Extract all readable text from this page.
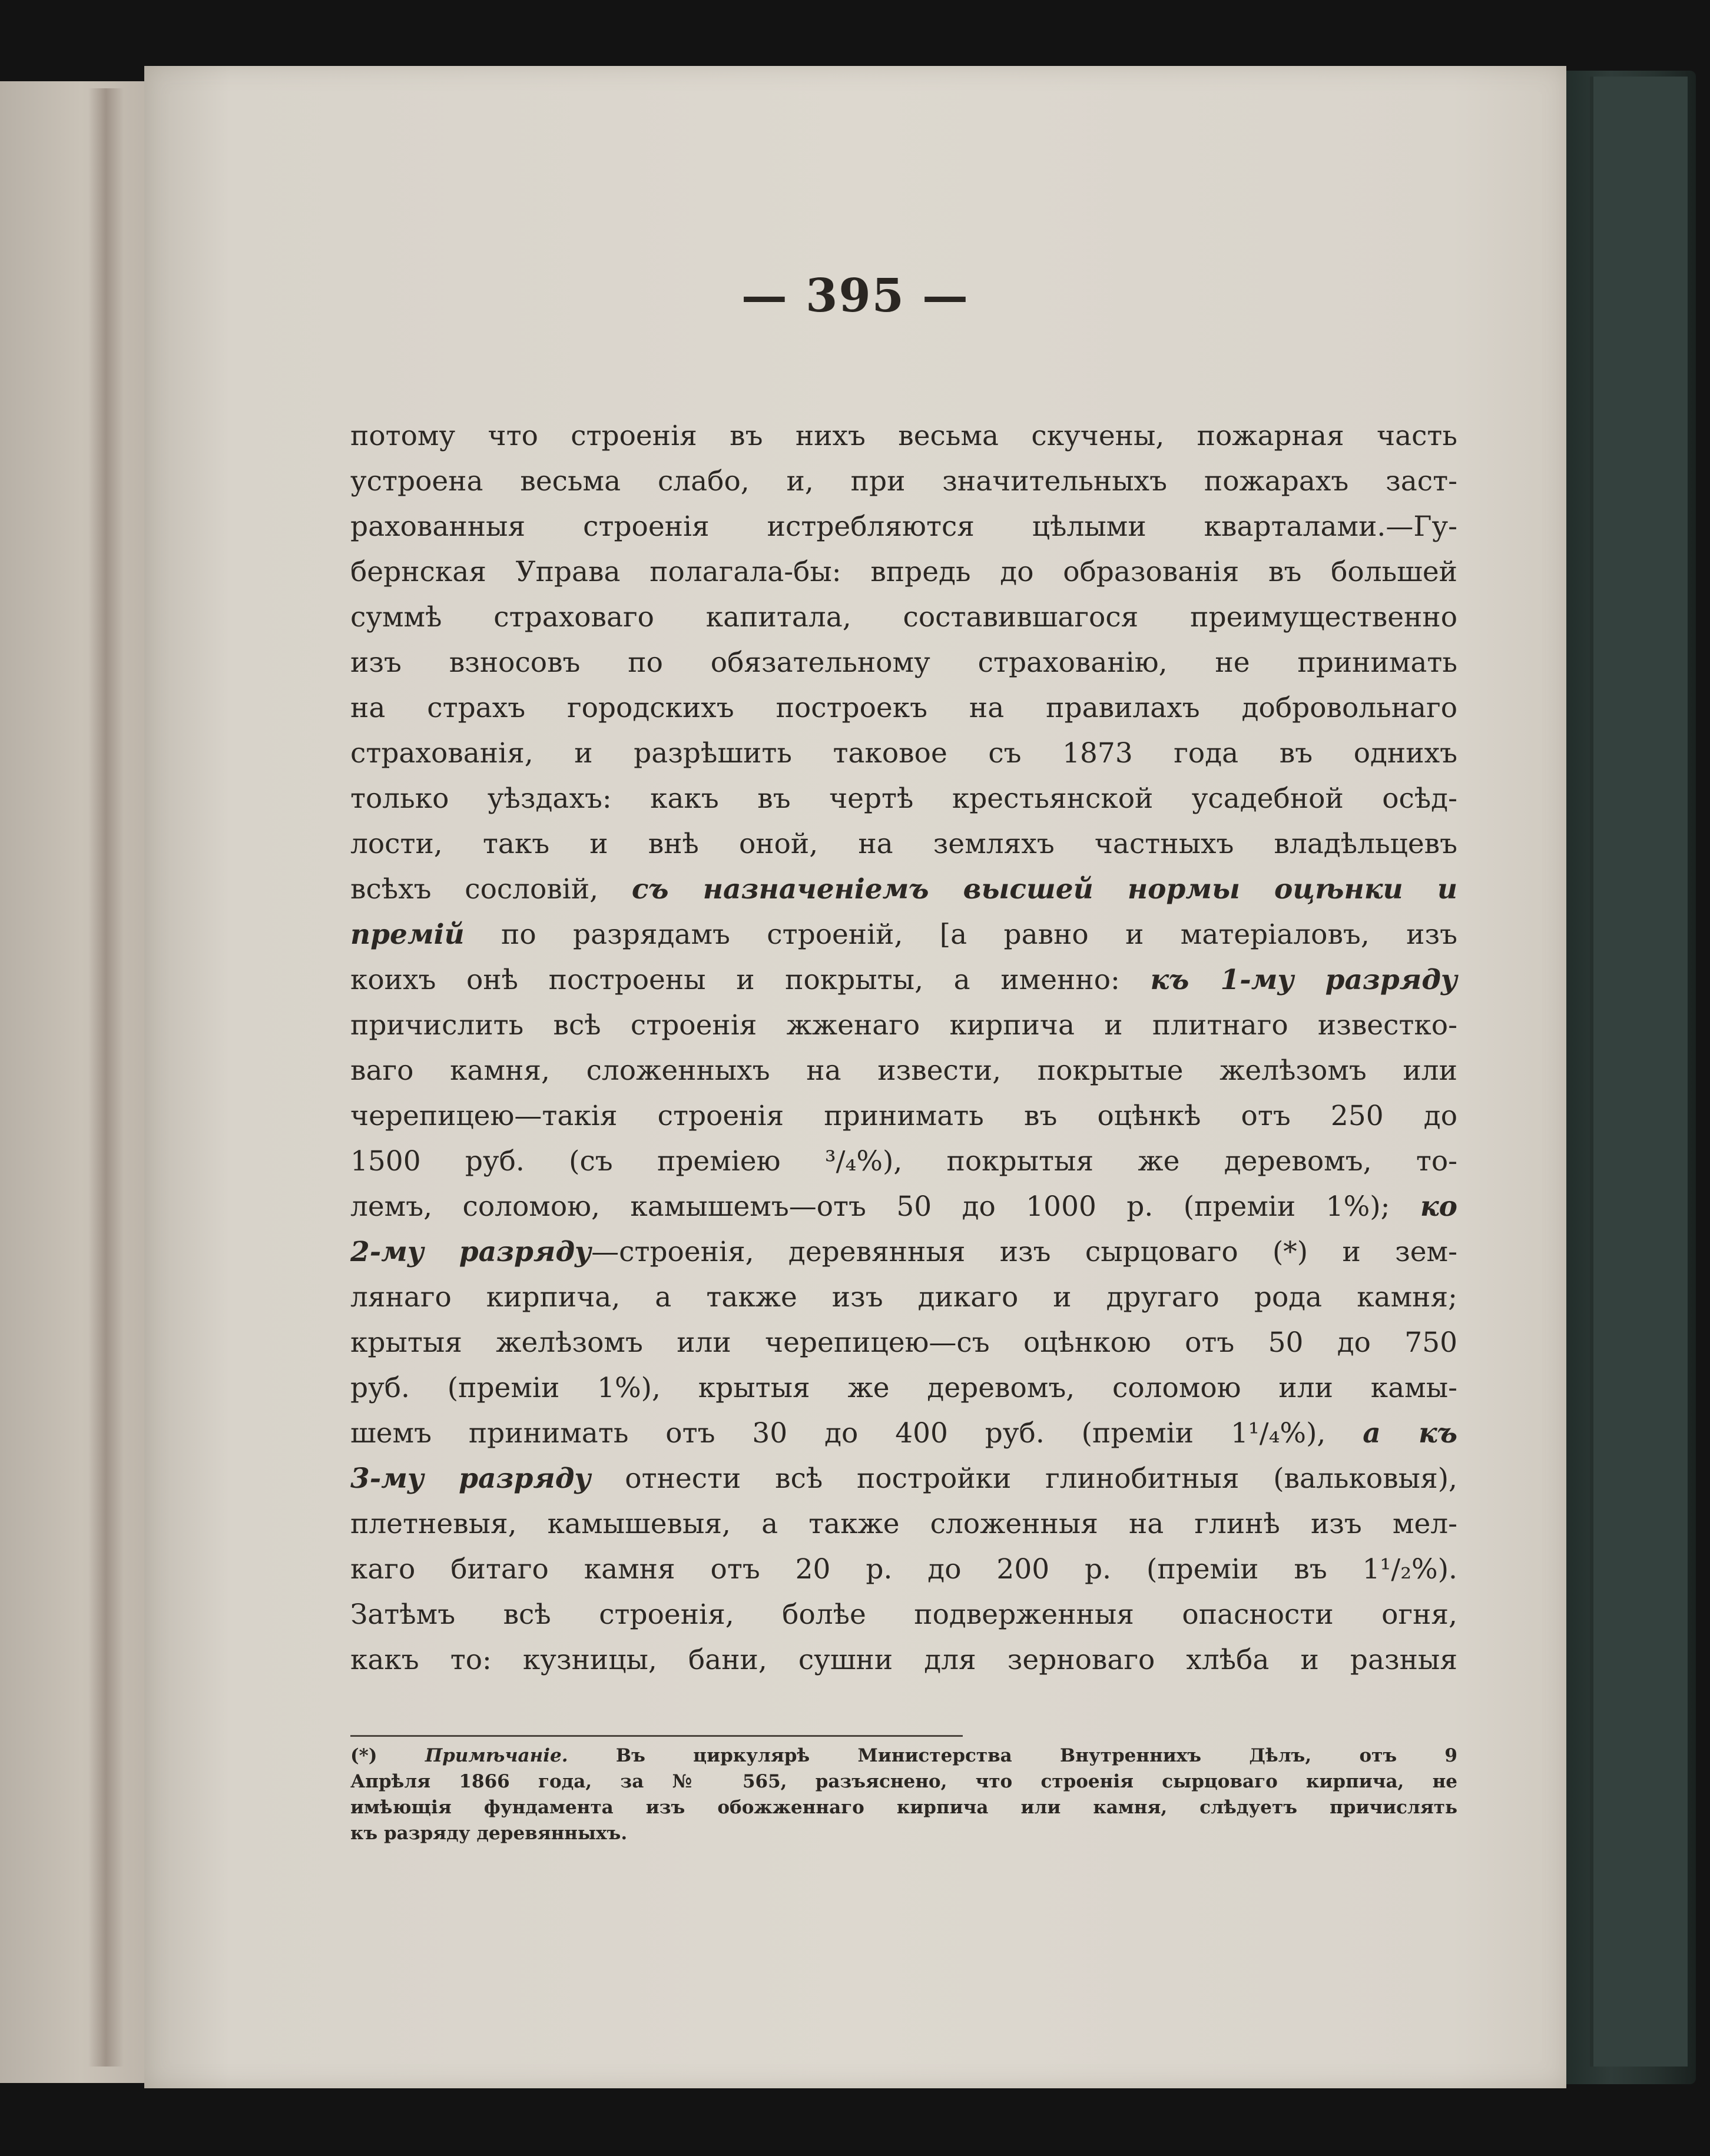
— 395 —
потому что строенія въ нихъ весьма скучены, пожарная часть
устроена весьма слабо, и, при значительныхъ пожарахъ заст-
рахованныя строенія истребляются цѣлыми кварталами.—Гу-
бернская Управа полагала-бы: впредь до образованія въ большей
суммѣ страховаго капитала, составившагося преимущественно
изъ взносовъ по обязательному страхованію, не принимать
на страхъ городскихъ построекъ на правилахъ добровольнаго
страхованія, и разрѣшить таковое съ 1873 года въ однихъ
только уѣздахъ: какъ въ чертѣ крестьянской усадебной осѣд-
лости, такъ и внѣ оной, на земляхъ частныхъ владѣльцевъ
всѣхъ сословій, съ назначеніемъ высшей нормы оцѣнки и
премій по разрядамъ строеній, [а равно и матеріаловъ, изъ
коихъ онѣ построены и покрыты, а именно: къ 1-му разряду
причислить всѣ строенія жженаго кирпича и плитнаго известко-
ваго камня, сложенныхъ на извести, покрытые желѣзомъ или
черепицею—такія строенія принимать въ оцѣнкѣ отъ 250 до
1500 руб. (съ преміею ³/₄%), покрытыя же деревомъ, то-
лемъ, соломою, камышемъ—отъ 50 до 1000 р. (преміи 1%); ко
2-му разряду—строенія, деревянныя изъ сырцоваго (*) и зем-
лянаго кирпича, а также изъ дикаго и другаго рода камня;
крытыя желѣзомъ или черепицею—съ оцѣнкою отъ 50 до 750
руб. (преміи 1%), крытыя же деревомъ, соломою или камы-
шемъ принимать отъ 30 до 400 руб. (преміи 1¹/₄%), а къ
3-му разряду отнести всѣ постройки глинобитныя (вальковыя),
плетневыя, камышевыя, а также сложенныя на глинѣ изъ мел-
каго битаго камня отъ 20 р. до 200 р. (преміи въ 1¹/₂%).
Затѣмъ всѣ строенія, болѣе подверженныя опасности огня,
какъ то: кузницы, бани, сушни для зерноваго хлѣба и разныя
(*) Примѣчаніе. Въ циркулярѣ Министерства Внутреннихъ Дѣлъ, отъ 9
Апрѣля 1866 года, за № 565, разъяснено, что строенія сырцоваго кирпича, не
имѣющія фундамента изъ обожженнаго кирпича или камня, слѣдуетъ причислять
къ разряду деревянныхъ.
